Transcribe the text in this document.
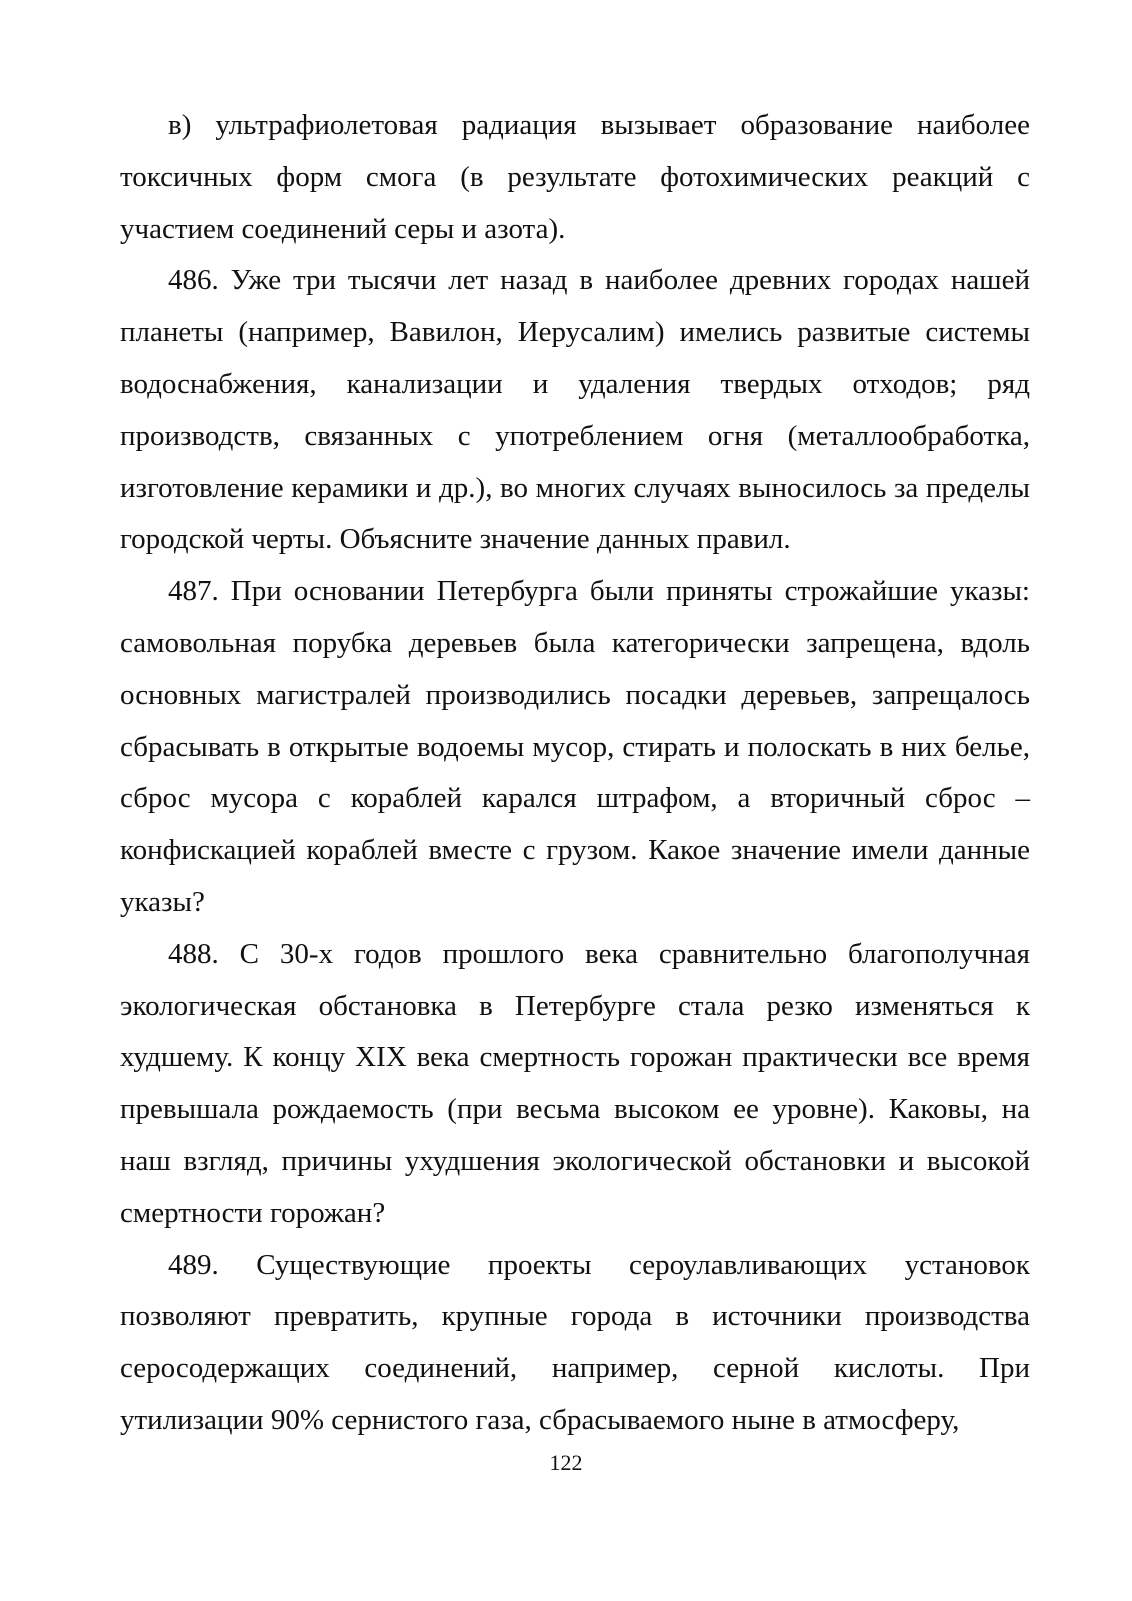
в) ультрафиолетовая радиация вызывает образование наиболее токсичных форм смога (в результате фотохимических реакций с участием соединений серы и азота).

486. Уже три тысячи лет назад в наиболее древних городах нашей планеты (например, Вавилон, Иерусалим) имелись развитые системы водоснабжения, канализации и удаления твердых отходов; ряд производств, связанных с употреблением огня (металлообработка, изготовление керамики и др.), во многих случаях выносилось за пределы городской черты. Объясните значение данных правил.

487. При основании Петербурга были приняты строжайшие указы: самовольная порубка деревьев была категорически запрещена, вдоль основных магистралей производились посадки деревьев, запрещалось сбрасывать в открытые водоемы мусор, стирать и полоскать в них белье, сброс мусора с кораблей карался штрафом, а вторичный сброс – конфискацией кораблей вместе с грузом. Какое значение имели данные указы?

488. С 30-х годов прошлого века сравнительно благополучная экологическая обстановка в Петербурге стала резко изменяться к худшему. К концу XIX века смертность горожан практически все время превышала рождаемость (при весьма высоком ее уровне). Каковы, на наш взгляд, причины ухудшения экологической обстановки и высокой смертности горожан?

489. Существующие проекты сероулавливающих установок позволяют превратить, крупные города в источники производства серосодержащих соединений, например, серной кислоты. При утилизации 90% сернистого газа, сбрасываемого ныне в атмосферу,

122
